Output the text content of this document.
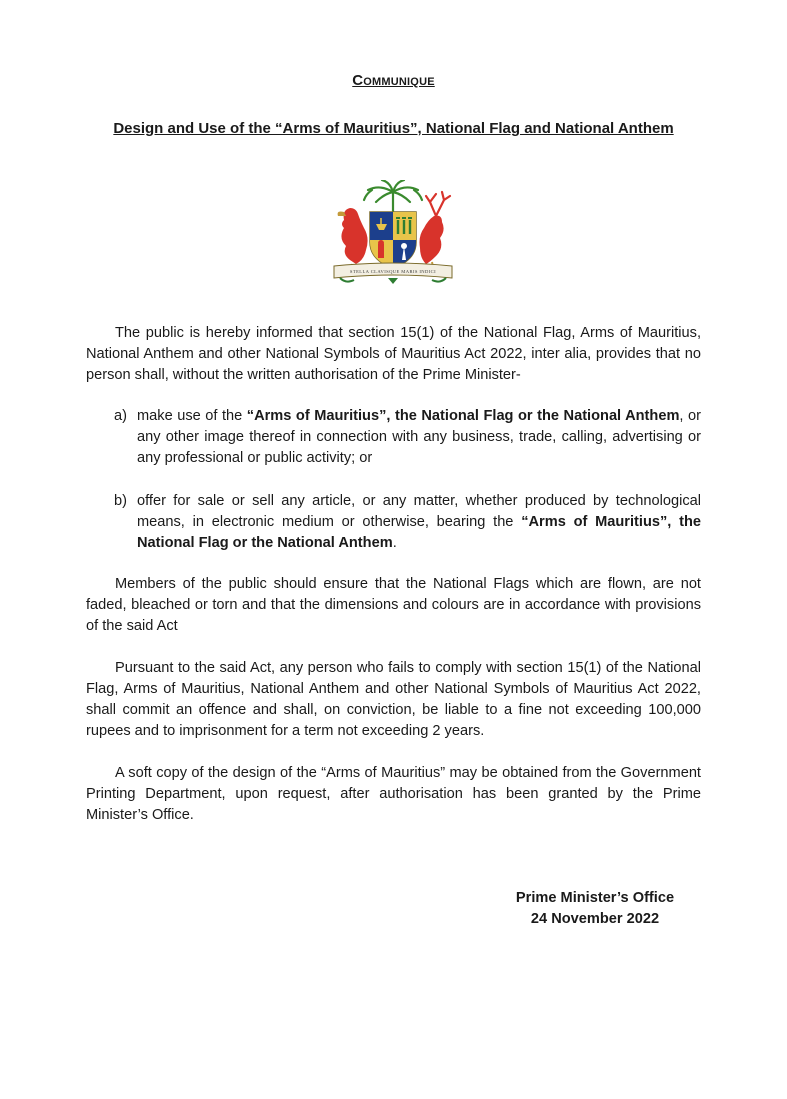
Communique
Design and Use of the “Arms of Mauritius”, National Flag and National Anthem
STELLA CLAVISQUE MARIS INDICI

The public is hereby informed that section 15(1) of the National Flag, Arms of Mauritius, National Anthem and other National Symbols of Mauritius Act 2022, inter alia, provides that no person shall, without the written authorisation of the Prime Minister-

a) make use of the “Arms of Mauritius”, the National Flag or the National Anthem, or any other image thereof in connection with any business, trade, calling, advertising or any professional or public activity; or
b) offer for sale or sell any article, or any matter, whether produced by technological means, in electronic medium or otherwise, bearing the “Arms of Mauritius”, the National Flag or the National Anthem.

Members of the public should ensure that the National Flags which are flown, are not faded, bleached or torn and that the dimensions and colours are in accordance with provisions of the said Act

Pursuant to the said Act, any person who fails to comply with section 15(1) of the National Flag, Arms of Mauritius, National Anthem and other National Symbols of Mauritius Act 2022, shall commit an offence and shall, on conviction, be liable to a fine not exceeding 100,000 rupees and to imprisonment for a term not exceeding 2 years.

A soft copy of the design of the “Arms of Mauritius” may be obtained from the Government Printing Department, upon request, after authorisation has been granted by the Prime Minister’s Office.

Prime Minister’s Office
24 November 2022
